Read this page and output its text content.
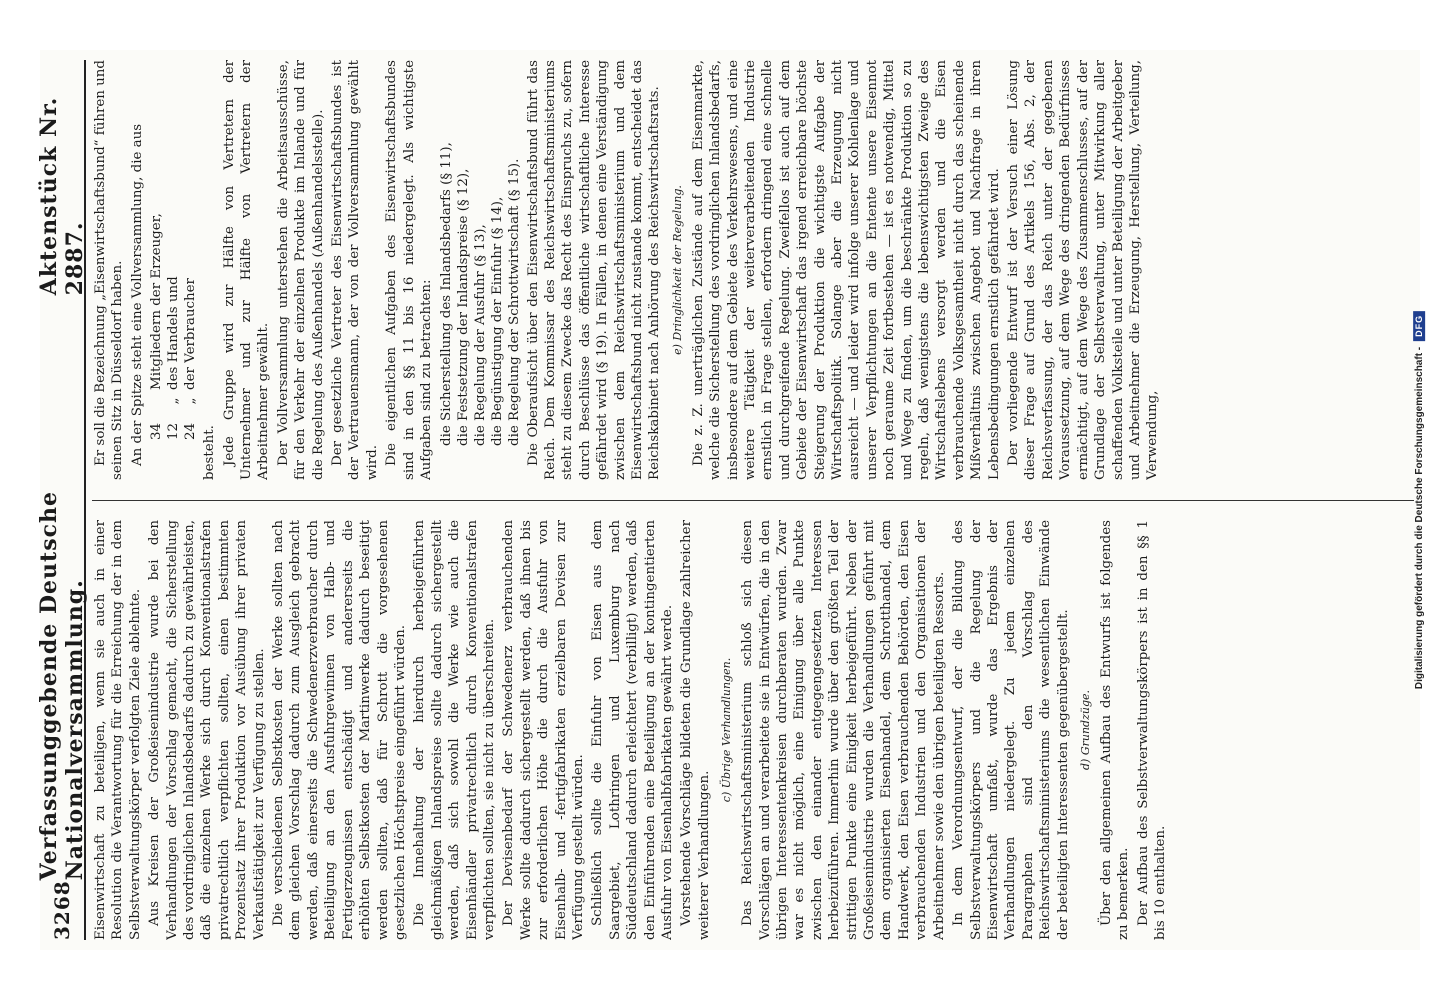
3268
Verfassunggebende Deutsche Nationalversammlung.
Aktenstück Nr. 2887.

Eisenwirtschaft zu beteiligen, wenn sie auch in einer Resolution die Verantwortung für die Erreichung der in dem Selbstverwaltungskörper verfolgten Ziele ablehnte. Aus Kreisen der Großeisenindustrie wurde bei den Verhandlungen der Vorschlag gemacht, die Sicherstellung des vordringlichen Inlandsbedarfs dadurch zu gewährleisten, daß die einzelnen Werke sich durch Konventionalstrafen privatrechtlich verpflichten sollten, einen bestimmten Prozentsatz ihrer Produktion vor Ausübung ihrer privaten Verkaufstätigkeit zur Verfügung zu stellen. Die verschiedenen Selbstkosten der Werke sollten nach dem gleichen Vorschlag dadurch zum Ausgleich gebracht werden, daß einerseits die Schwedenerzverbraucher durch Beteiligung an den Ausfuhrgewinnen von Halb- und Fertigerzeugnissen entschädigt und andererseits die erhöhten Selbstkosten der Martinwerke dadurch beseitigt werden sollten, daß für Schrott die vorgesehenen gesetzlichen Höchstpreise eingeführt würden. Die Innehaltung der hierdurch herbeigeführten gleichmäßigen Inlandspreise sollte dadurch sichergestellt werden, daß sich sowohl die Werke wie auch die Eisenhändler privatrechtlich durch Konventionalstrafen verpflichten sollten, sie nicht zu überschreiten. Der Devisenbedarf der Schwedenerz verbrauchenden Werke sollte dadurch sichergestellt werden, daß ihnen bis zur erforderlichen Höhe die durch die Ausfuhr von Eisenhalb- und -fertigfabrikaten erzielbaren Devisen zur Verfügung gestellt würden. Schließlich sollte die Einfuhr von Eisen aus dem Saargebiet, Lothringen und Luxemburg nach Süddeutschland dadurch erleichtert (verbilligt) werden, daß den Einführenden eine Beteiligung an der kontingentierten Ausfuhr von Eisenhalbfabrikaten gewährt werde. Vorstehende Vorschläge bildeten die Grundlage zahlreicher weiterer Verhandlungen.

c) Übrige Verhandlungen. Das Reichswirtschaftsministerium schloß sich diesen Vorschlägen an und verarbeitete sie in Entwürfen, die in den übrigen Interessentenkreisen durchberaten wurden. Zwar war es nicht möglich, eine Einigung über alle Punkte zwischen den einander entgegengesetzten Interessen herbeizuführen. Immerhin wurde über den größten Teil der strittigen Punkte eine Einigkeit herbeigeführt. Neben der Großeisenindustrie wurden die Verhandlungen geführt mit dem organisierten Eisenhandel, dem Schrotthandel, dem Handwerk, den Eisen verbrauchenden Behörden, den Eisen verbrauchenden Industrien und den Organisationen der Arbeitnehmer sowie den übrigen beteiligten Ressorts. In dem Verordnungsentwurf, der die Bildung des Selbstverwaltungskörpers und die Regelung der Eisenwirtschaft umfaßt, wurde das Ergebnis der Verhandlungen niedergelegt. Zu jedem einzelnen Paragraphen sind den Vorschlag des Reichswirtschaftsministeriums die wesentlichen Einwände der beteiligten Interessenten gegenübergestellt. d) Grundzüge. Über den allgemeinen Aufbau des Entwurfs ist folgendes zu bemerken. Der Aufbau des Selbstverwaltungskörpers ist in den §§ 1 bis 10 enthalten.

Er soll die Bezeichnung „Eisenwirtschaftsbund“ führen und seinen Sitz in Düsseldorf haben. An der Spitze steht eine Vollversammlung, die aus 34
Mitgliedern der Erzeuger,
12
„
des Handels und
24
„
der Verbraucher

besteht. Jede Gruppe wird zur Hälfte von Vertretern der Unternehmer und zur Hälfte von Vertretern der Arbeitnehmer gewählt. Der Vollversammlung unterstehen die Arbeitsausschüsse, für den Verkehr der einzelnen Produkte im Inlande und für die Regelung des Außenhandels (Außenhandelsstelle). Der gesetzliche Vertreter des Eisenwirtschaftsbundes ist der Vertrauensmann, der von der Vollversammlung gewählt wird. Die eigentlichen Aufgaben des Eisenwirtschaftsbundes sind in den §§ 11 bis 16 niedergelegt. Als wichtigste Aufgaben sind zu betrachten: die Sicherstellung des Inlandsbedarfs (§ 11), die Festsetzung der Inlandspreise (§ 12), die Regelung der Ausfuhr (§ 13), die Begünstigung der Einfuhr (§ 14), die Regelung der Schrottwirtschaft (§ 15). Die Oberaufsicht über den Eisenwirtschaftsbund führt das Reich. Dem Kommissar des Reichswirtschaftsministeriums steht zu diesem Zwecke das Recht des Einspruchs zu, sofern durch Beschlüsse das öffentliche wirtschaftliche Interesse gefährdet wird (§ 19). In Fällen, in denen eine Verständigung zwischen dem Reichswirtschaftsministerium und dem Eisenwirtschaftsbund nicht zustande kommt, entscheidet das Reichskabinett nach Anhörung des Reichswirtschaftsrats. e) Dringlichkeit der Regelung. Die z. Z. unerträglichen Zustände auf dem Eisenmarkte, welche die Sicherstellung des vordringlichen Inlandsbedarfs, insbesondere auf dem Gebiete des Verkehrswesens, und eine weitere Tätigkeit der weiterverarbeitenden Industrie ernstlich in Frage stellen, erfordern dringend eine schnelle und durchgreifende Regelung. Zweifellos ist auch auf dem Gebiete der Eisenwirtschaft das irgend erreichbare höchste Steigerung der Produktion die wichtigste Aufgabe der Wirtschaftspolitik. Solange aber die Erzeugung nicht ausreicht — und leider wird infolge unserer Kohlenlage und unserer Verpflichtungen an die Entente unsere Eisennot noch geraume Zeit fortbestehen — ist es notwendig, Mittel und Wege zu finden, um die beschränkte Produktion so zu regeln, daß wenigstens die lebenswichtigsten Zweige des Wirtschaftslebens versorgt werden und die Eisen verbrauchende Volksgesamtheit nicht durch das scheinende Mißverhältnis zwischen Angebot und Nachfrage in ihren Lebensbedingungen ernstlich gefährdet wird. Der vorliegende Entwurf ist der Versuch einer Lösung dieser Frage auf Grund des Artikels 156, Abs. 2, der Reichsverfassung, der das Reich unter der gegebenen Voraussetzung, auf dem Wege des dringenden Bedürfnisses ermächtigt, auf dem Wege des Zusammenschlusses, auf der Grundlage der Selbstverwaltung, unter Mitwirkung aller schaffenden Volksteile und unter Beteiligung der Arbeitgeber und Arbeitnehmer die Erzeugung, Herstellung, Verteilung, Verwendung,	Digitalisierung gefördert durch die Deutsche Forschungsgemeinschaft -
DFG
